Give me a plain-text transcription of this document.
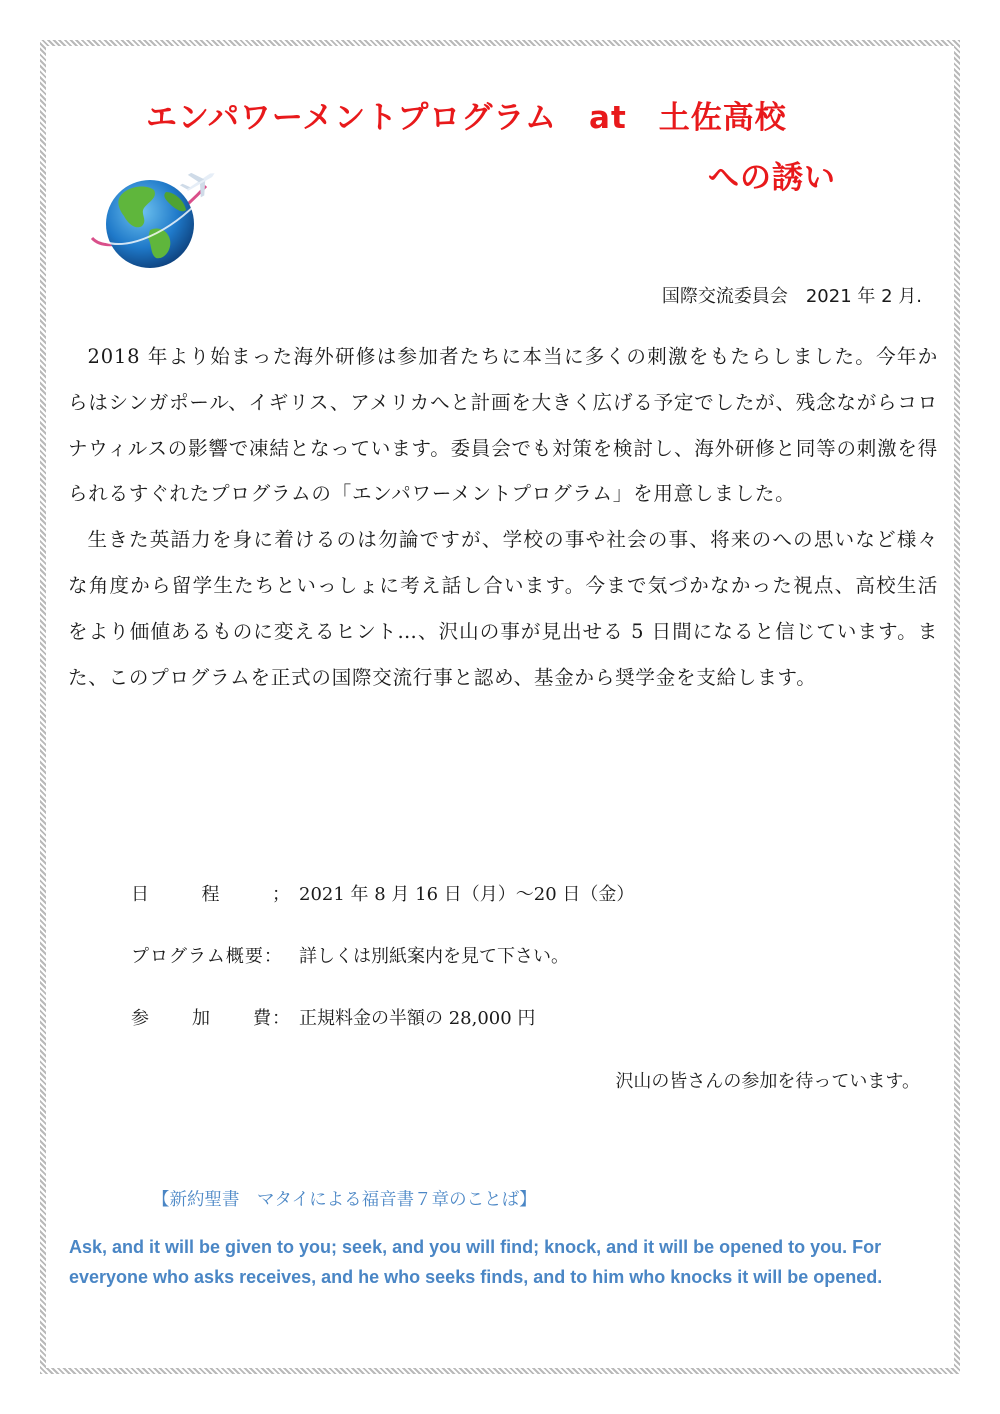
エンパワーメントプログラム　at　土佐高校
への誘い
国際交流委員会　2021 年 2 月.

2018 年より始まった海外研修は参加者たちに本当に多くの刺激をもたらしました。今年からはシンガポール、イギリス、アメリカへと計画を大きく広げる予定でしたが、残念ながらコロナウィルスの影響で凍結となっています。委員会でも対策を検討し、海外研修と同等の刺激を得られるすぐれたプログラムの「エンパワーメントプログラム」を用意しました。

生きた英語力を身に着けるのは勿論ですが、学校の事や社会の事、将来のへの思いなど様々な角度から留学生たちといっしょに考え話し合います。今まで気づかなかった視点、高校生活をより価値あるものに変えるヒント…、沢山の事が見出せる 5 日間になると信じています。また、このプログラムを正式の国際交流行事と認め、基金から奨学金を支給します。

日	程	； 2021 年 8 月 16 日（月）～20 日（金）
プログラム概要： 詳しくは別紙案内を見て下さい。
参 加 費： 正規料金の半額の 28,000 円
沢山の皆さんの参加を待っています。
【新約聖書　マタイによる福音書７章のことば】
Ask, and it will be given to you; seek, and you will find; knock, and it will be opened to you. For everyone who asks receives, and he who seeks finds, and to him who knocks it will be opened.
